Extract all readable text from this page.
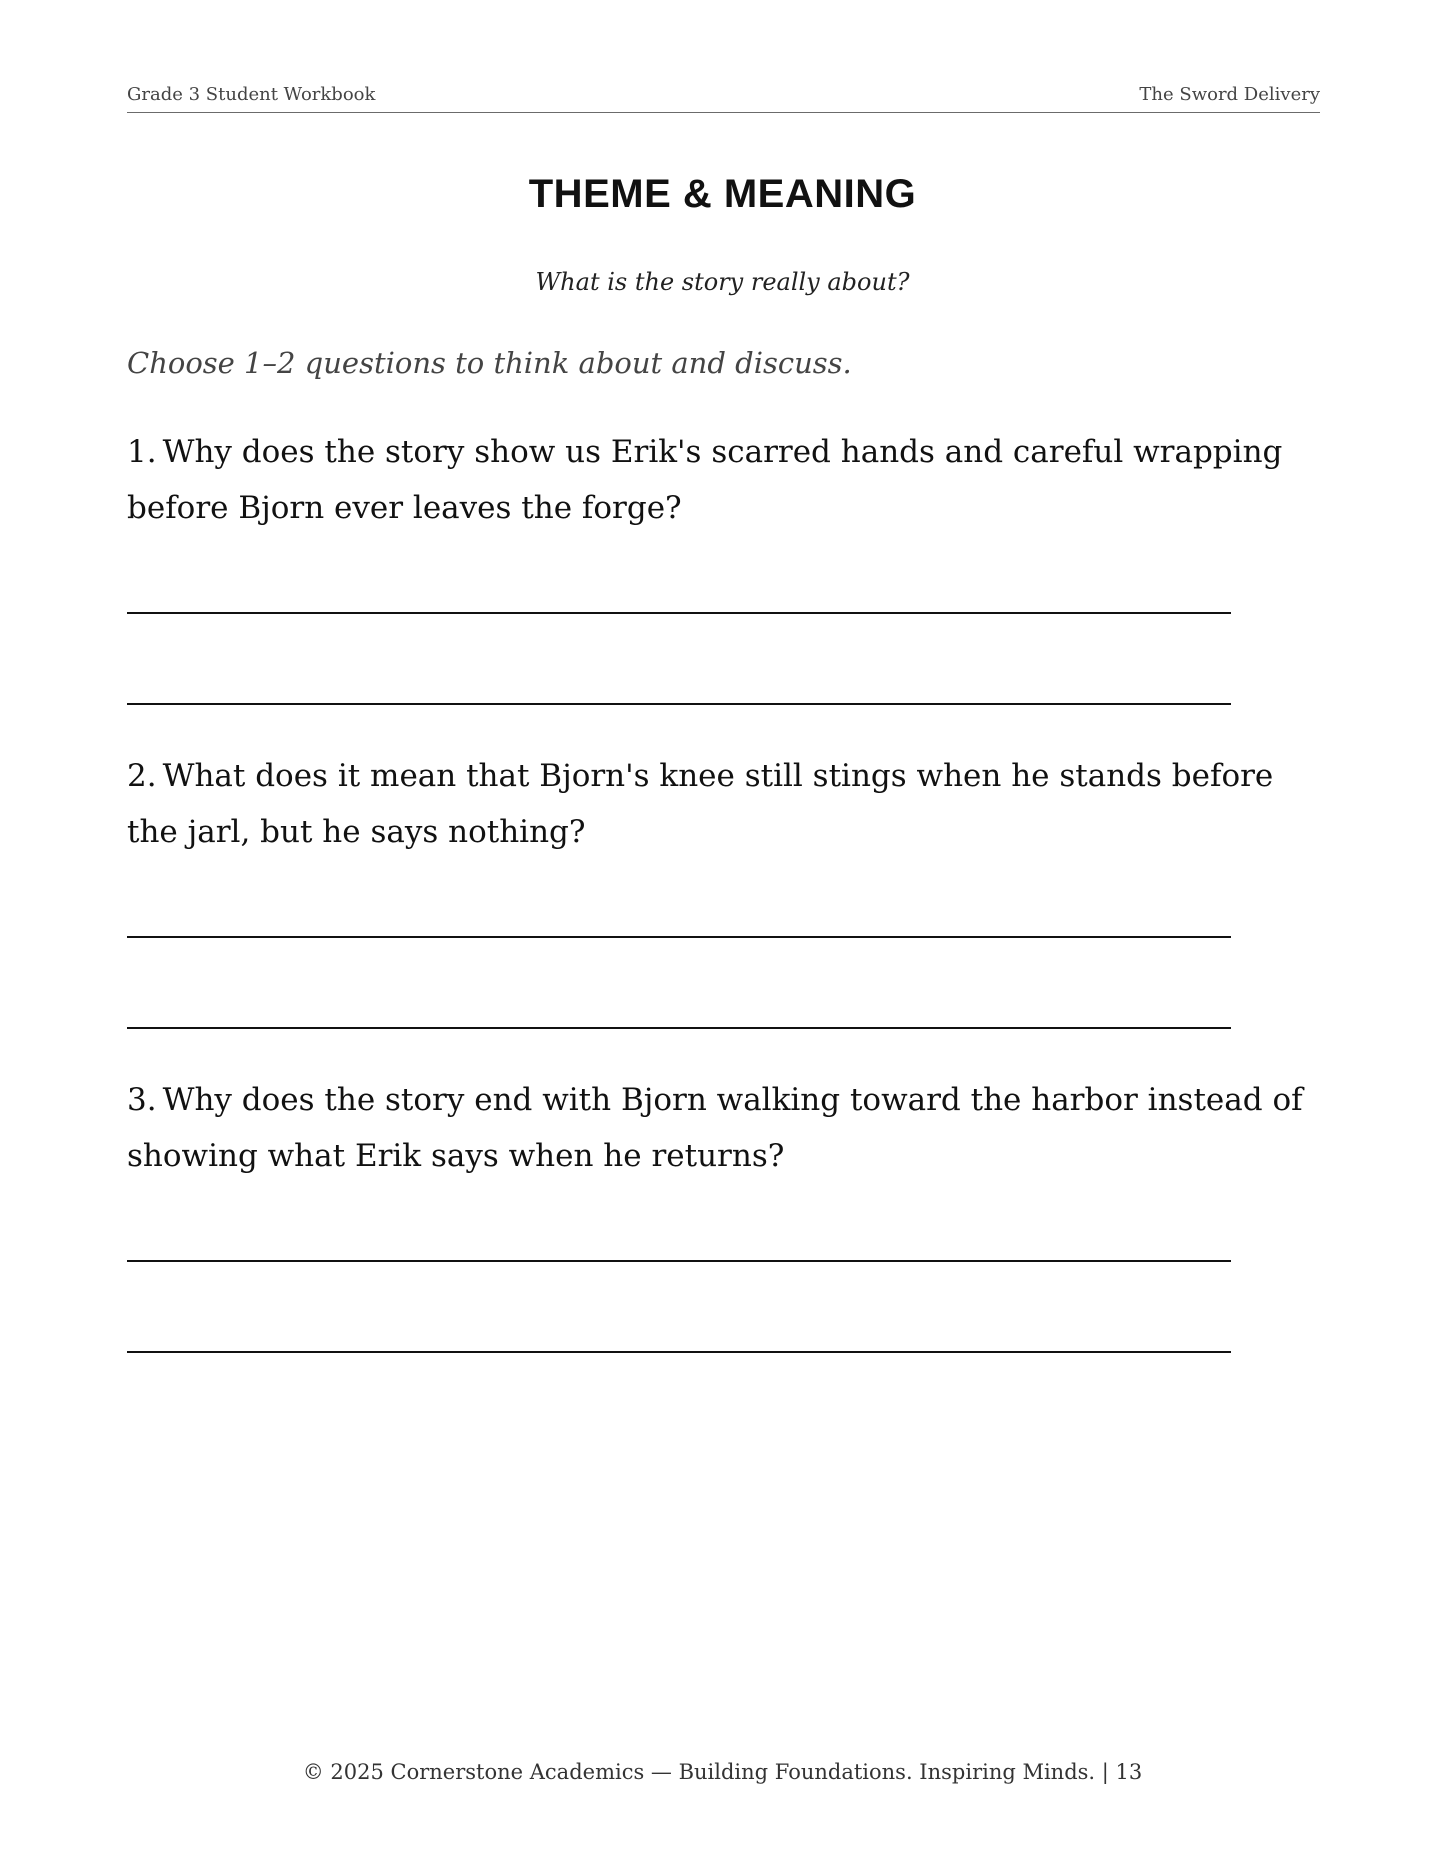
Grade 3 Student Workbook	The Sword Delivery
THEME & MEANING
What is the story really about?
Choose 1–2 questions to think about and discuss.
1. Why does the story show us Erik's scarred hands and careful wrapping before Bjorn ever leaves the forge?
2. What does it mean that Bjorn's knee still stings when he stands before the jarl, but he says nothing?
3. Why does the story end with Bjorn walking toward the harbor instead of showing what Erik says when he returns?
© 2025 Cornerstone Academics — Building Foundations. Inspiring Minds. | 13
